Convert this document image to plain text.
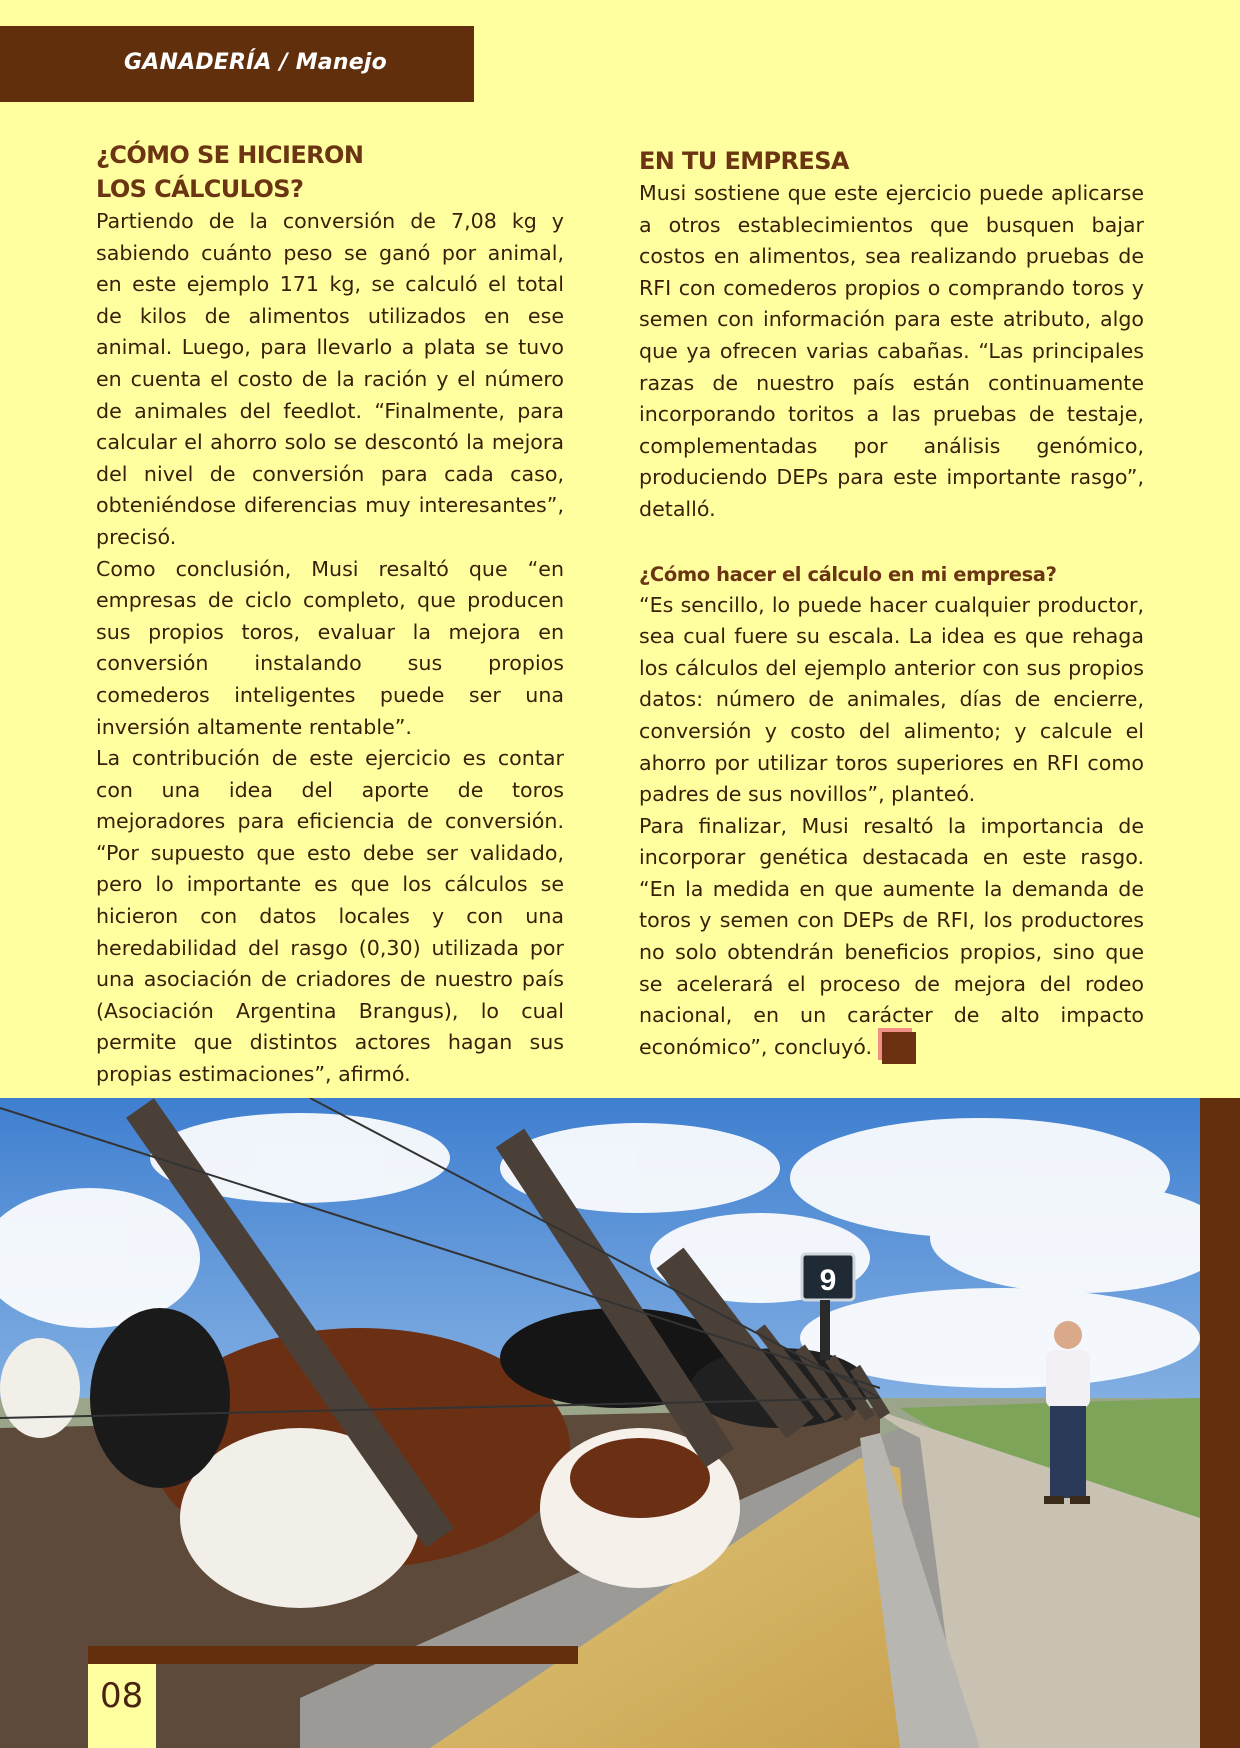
GANADERÍA / Manejo
¿CÓMO SE HICIERON
LOS CÁLCULOS?

Partiendo de la conversión de 7,08 kg y sabiendo cuánto peso se ganó por animal, en este ejemplo 171 kg, se calculó el total de kilos de alimentos utilizados en ese animal. Luego, para llevarlo a plata se tuvo en cuenta el costo de la ración y el número de animales del feedlot. “Finalmente, para calcular el ahorro solo se descontó la mejora del nivel de conversión para cada caso, obteniéndose diferencias muy interesantes”, precisó.

Como conclusión, Musi resaltó que “en empresas de ciclo completo, que producen sus propios toros, evaluar la mejora en conversión instalando sus propios comederos inteligentes puede ser una inversión altamente rentable”.

La contribución de este ejercicio es contar con una idea del aporte de toros mejoradores para eficiencia de conversión. “Por supuesto que esto debe ser validado, pero lo importante es que los cálculos se hicieron con datos locales y con una heredabilidad del rasgo (0,30) utilizada por una asociación de criadores de nuestro país (Asociación Argentina Brangus), lo cual permite que distintos actores hagan sus propias estimaciones”, afirmó.

EN TU EMPRESA

Musi sostiene que este ejercicio puede aplicarse a otros establecimientos que busquen bajar costos en alimentos, sea realizando pruebas de RFI con comederos propios o comprando toros y semen con información para este atributo, algo que ya ofrecen varias cabañas. “Las principales razas de nuestro país están continuamente incorporando toritos a las pruebas de testaje, complementadas por análisis genómico, produciendo DEPs para este importante rasgo”, detalló.

¿Cómo hacer el cálculo en mi empresa?

“Es sencillo, lo puede hacer cualquier productor, sea cual fuere su escala. La idea es que rehaga los cálculos del ejemplo anterior con sus propios datos: número de animales, días de encierre, conversión y costo del alimento; y calcule el ahorro por utilizar toros superiores en RFI como padres de sus novillos”, planteó.

Para finalizar, Musi resaltó la importancia de incorporar genética destacada en este rasgo. “En la medida en que aumente la demanda de toros y semen con DEPs de RFI, los productores no solo obtendrán beneficios propios, sino que se acelerará el proceso de mejora del rodeo nacional, en un carácter de alto impacto económico”, concluyó.

9
08
